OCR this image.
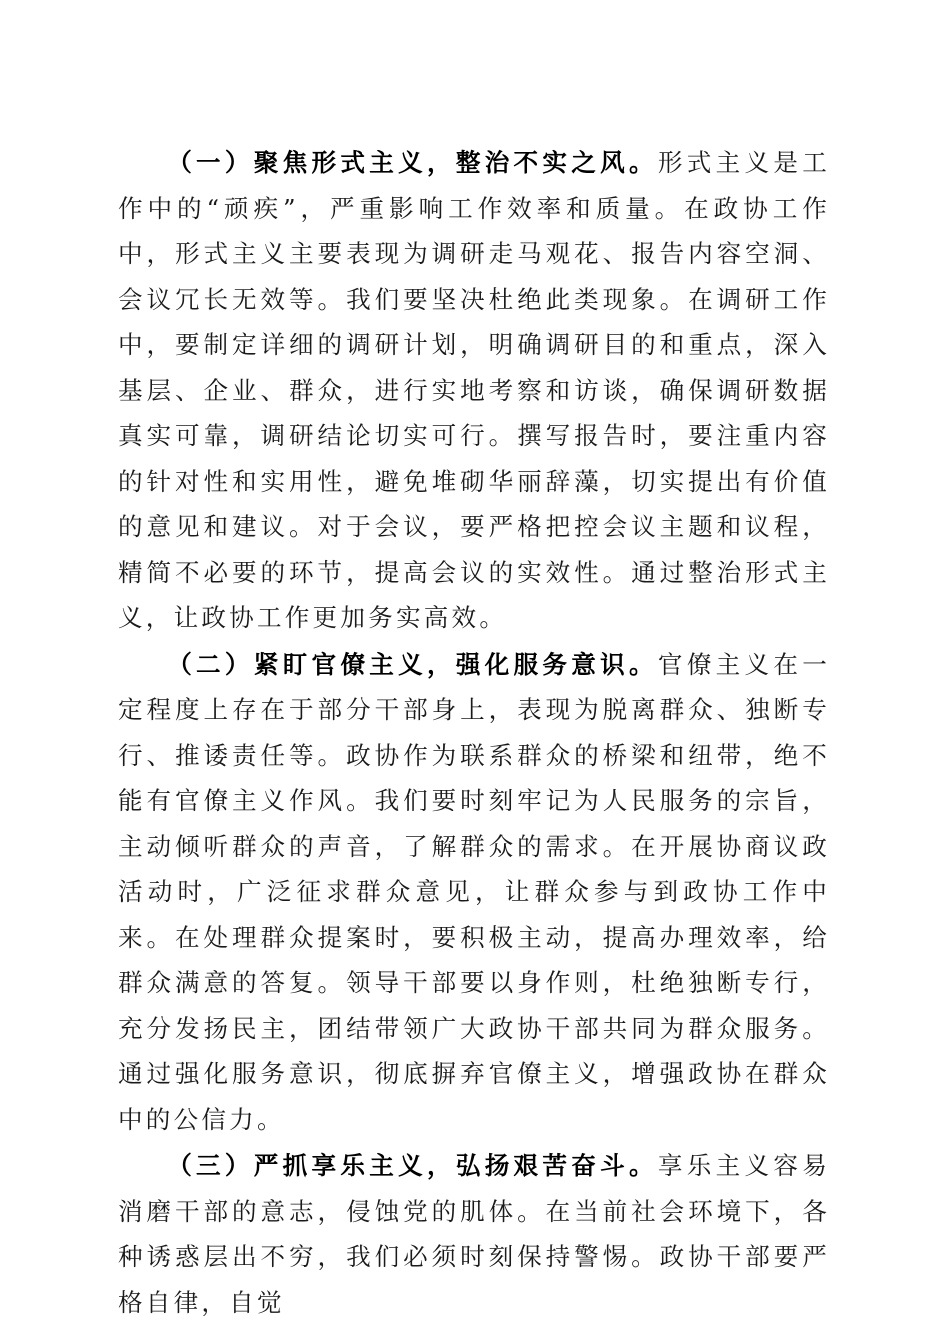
（一）聚焦形式主义，整治不实之风。形式主义是工作中的“顽疾”，严重影响工作效率和质量。在政协工作中，形式主义主要表现为调研走马观花、报告内容空洞、会议冗长无效等。我们要坚决杜绝此类现象。在调研工作中，要制定详细的调研计划，明确调研目的和重点，深入基层、企业、群众，进行实地考察和访谈，确保调研数据真实可靠，调研结论切实可行。撰写报告时，要注重内容的针对性和实用性，避免堆砌华丽辞藻，切实提出有价值的意见和建议。对于会议，要严格把控会议主题和议程，精简不必要的环节，提高会议的实效性。通过整治形式主义，让政协工作更加务实高效。

（二）紧盯官僚主义，强化服务意识。官僚主义在一定程度上存在于部分干部身上，表现为脱离群众、独断专行、推诿责任等。政协作为联系群众的桥梁和纽带，绝不能有官僚主义作风。我们要时刻牢记为人民服务的宗旨，主动倾听群众的声音，了解群众的需求。在开展协商议政活动时，广泛征求群众意见，让群众参与到政协工作中来。在处理群众提案时，要积极主动，提高办理效率，给群众满意的答复。领导干部要以身作则，杜绝独断专行，充分发扬民主，团结带领广大政协干部共同为群众服务。通过强化服务意识，彻底摒弃官僚主义，增强政协在群众中的公信力。

（三）严抓享乐主义，弘扬艰苦奋斗。享乐主义容易消磨干部的意志，侵蚀党的肌体。在当前社会环境下，各种诱惑层出不穷，我们必须时刻保持警惕。政协干部要严格自律，自觉
